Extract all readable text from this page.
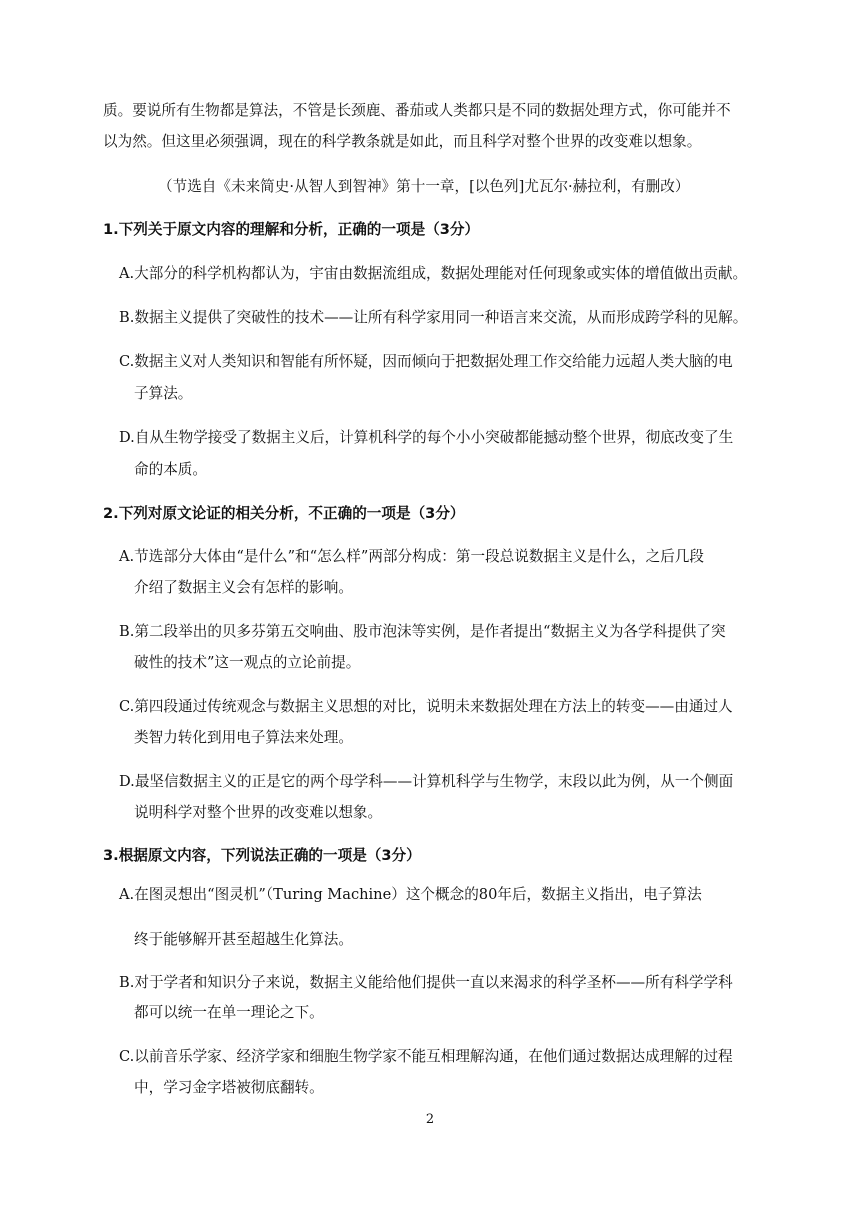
质。要说所有生物都是算法，不管是长颈鹿、番茄或人类都只是不同的数据处理方式，你可能并不
以为然。但这里必须强调，现在的科学教条就是如此，而且科学对整个世界的改变难以想象。
（节选自《未来简史·从智人到智神》第十一章，[以色列]尤瓦尔·赫拉利，有删改）
1.下列关于原文内容的理解和分析，正确的一项是（3分）
A.大部分的科学机构都认为，宇宙由数据流组成，数据处理能对任何现象或实体的增值做出贡献。
B.数据主义提供了突破性的技术——让所有科学家用同一种语言来交流，从而形成跨学科的见解。
C.数据主义对人类知识和智能有所怀疑，因而倾向于把数据处理工作交给能力远超人类大脑的电
子算法。
D.自从生物学接受了数据主义后，计算机科学的每个小小突破都能撼动整个世界，彻底改变了生
命的本质。
2.下列对原文论证的相关分析，不正确的一项是（3分）
A.节选部分大体由“是什么”和“怎么样”两部分构成：第一段总说数据主义是什么，之后几段
介绍了数据主义会有怎样的影响。
B.第二段举出的贝多芬第五交响曲、股市泡沫等实例，是作者提出“数据主义为各学科提供了突
破性的技术”这一观点的立论前提。
C.第四段通过传统观念与数据主义思想的对比，说明未来数据处理在方法上的转变——由通过人
类智力转化到用电子算法来处理。
D.最坚信数据主义的正是它的两个母学科——计算机科学与生物学，末段以此为例，从一个侧面
说明科学对整个世界的改变难以想象。
3.根据原文内容，下列说法正确的一项是（3分）
A.在图灵想出“图灵机”（Turing Machine）这个概念的80年后，数据主义指出，电子算法
终于能够解开甚至超越生化算法。
B.对于学者和知识分子来说，数据主义能给他们提供一直以来渴求的科学圣杯——所有科学学科
都可以统一在单一理论之下。
C.以前音乐学家、经济学家和细胞生物学家不能互相理解沟通，在他们通过数据达成理解的过程
中，学习金字塔被彻底翻转。
2
